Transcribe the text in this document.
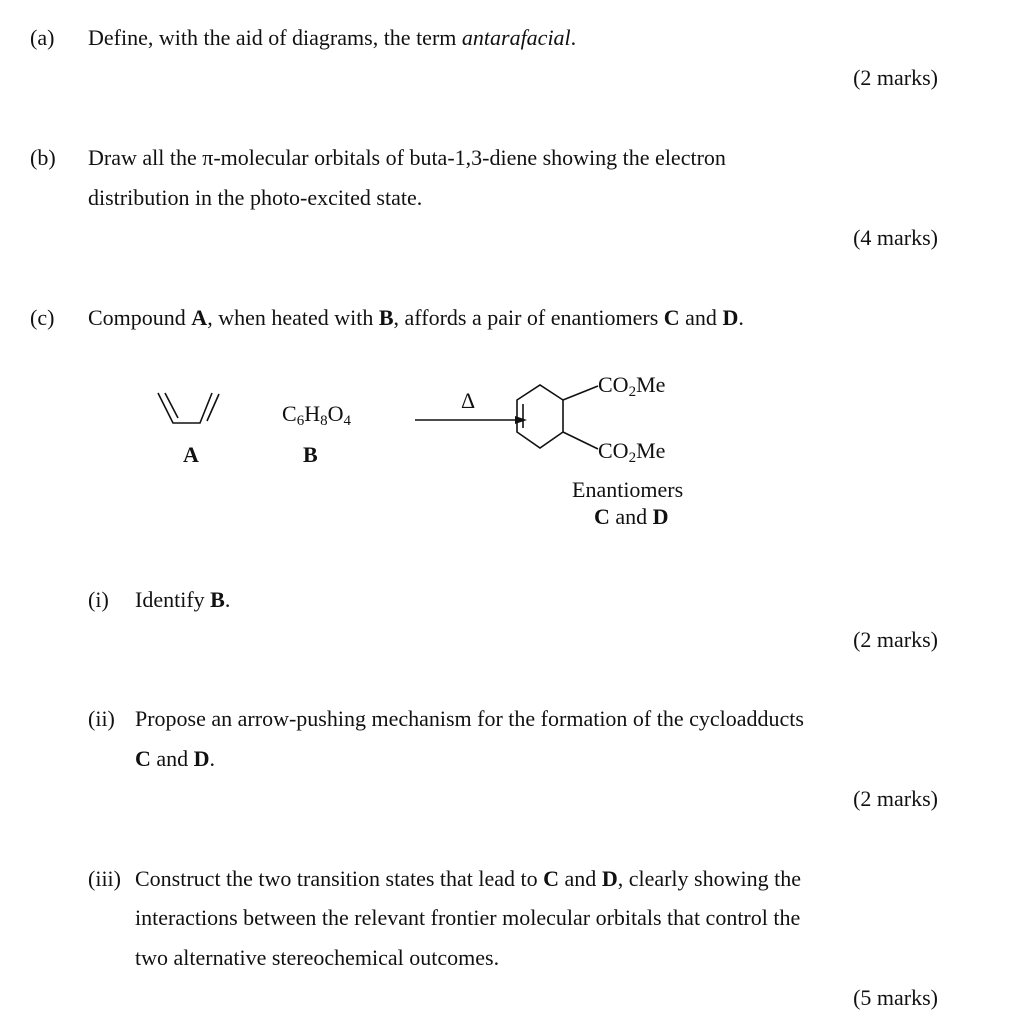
(a) Define, with the aid of diagrams, the term antarafacial.
(2 marks)
(b) Draw all the π-molecular orbitals of buta-1,3-diene showing the electron
distribution in the photo-excited state.
(4 marks)
(c) Compound A, when heated with B, affords a pair of enantiomers C and D.
A
$C_6H_8O_4$
B
Δ
$CO_2Me$
$CO_2Me$
Enantiomers
C and D
(i) Identify B.
(2 marks)
(ii) Propose an arrow-pushing mechanism for the formation of the cycloadducts
C and D.
(2 marks)
(iii) Construct the two transition states that lead to C and D, clearly showing the
interactions between the relevant frontier molecular orbitals that control the
two alternative stereochemical outcomes.
(5 marks)
